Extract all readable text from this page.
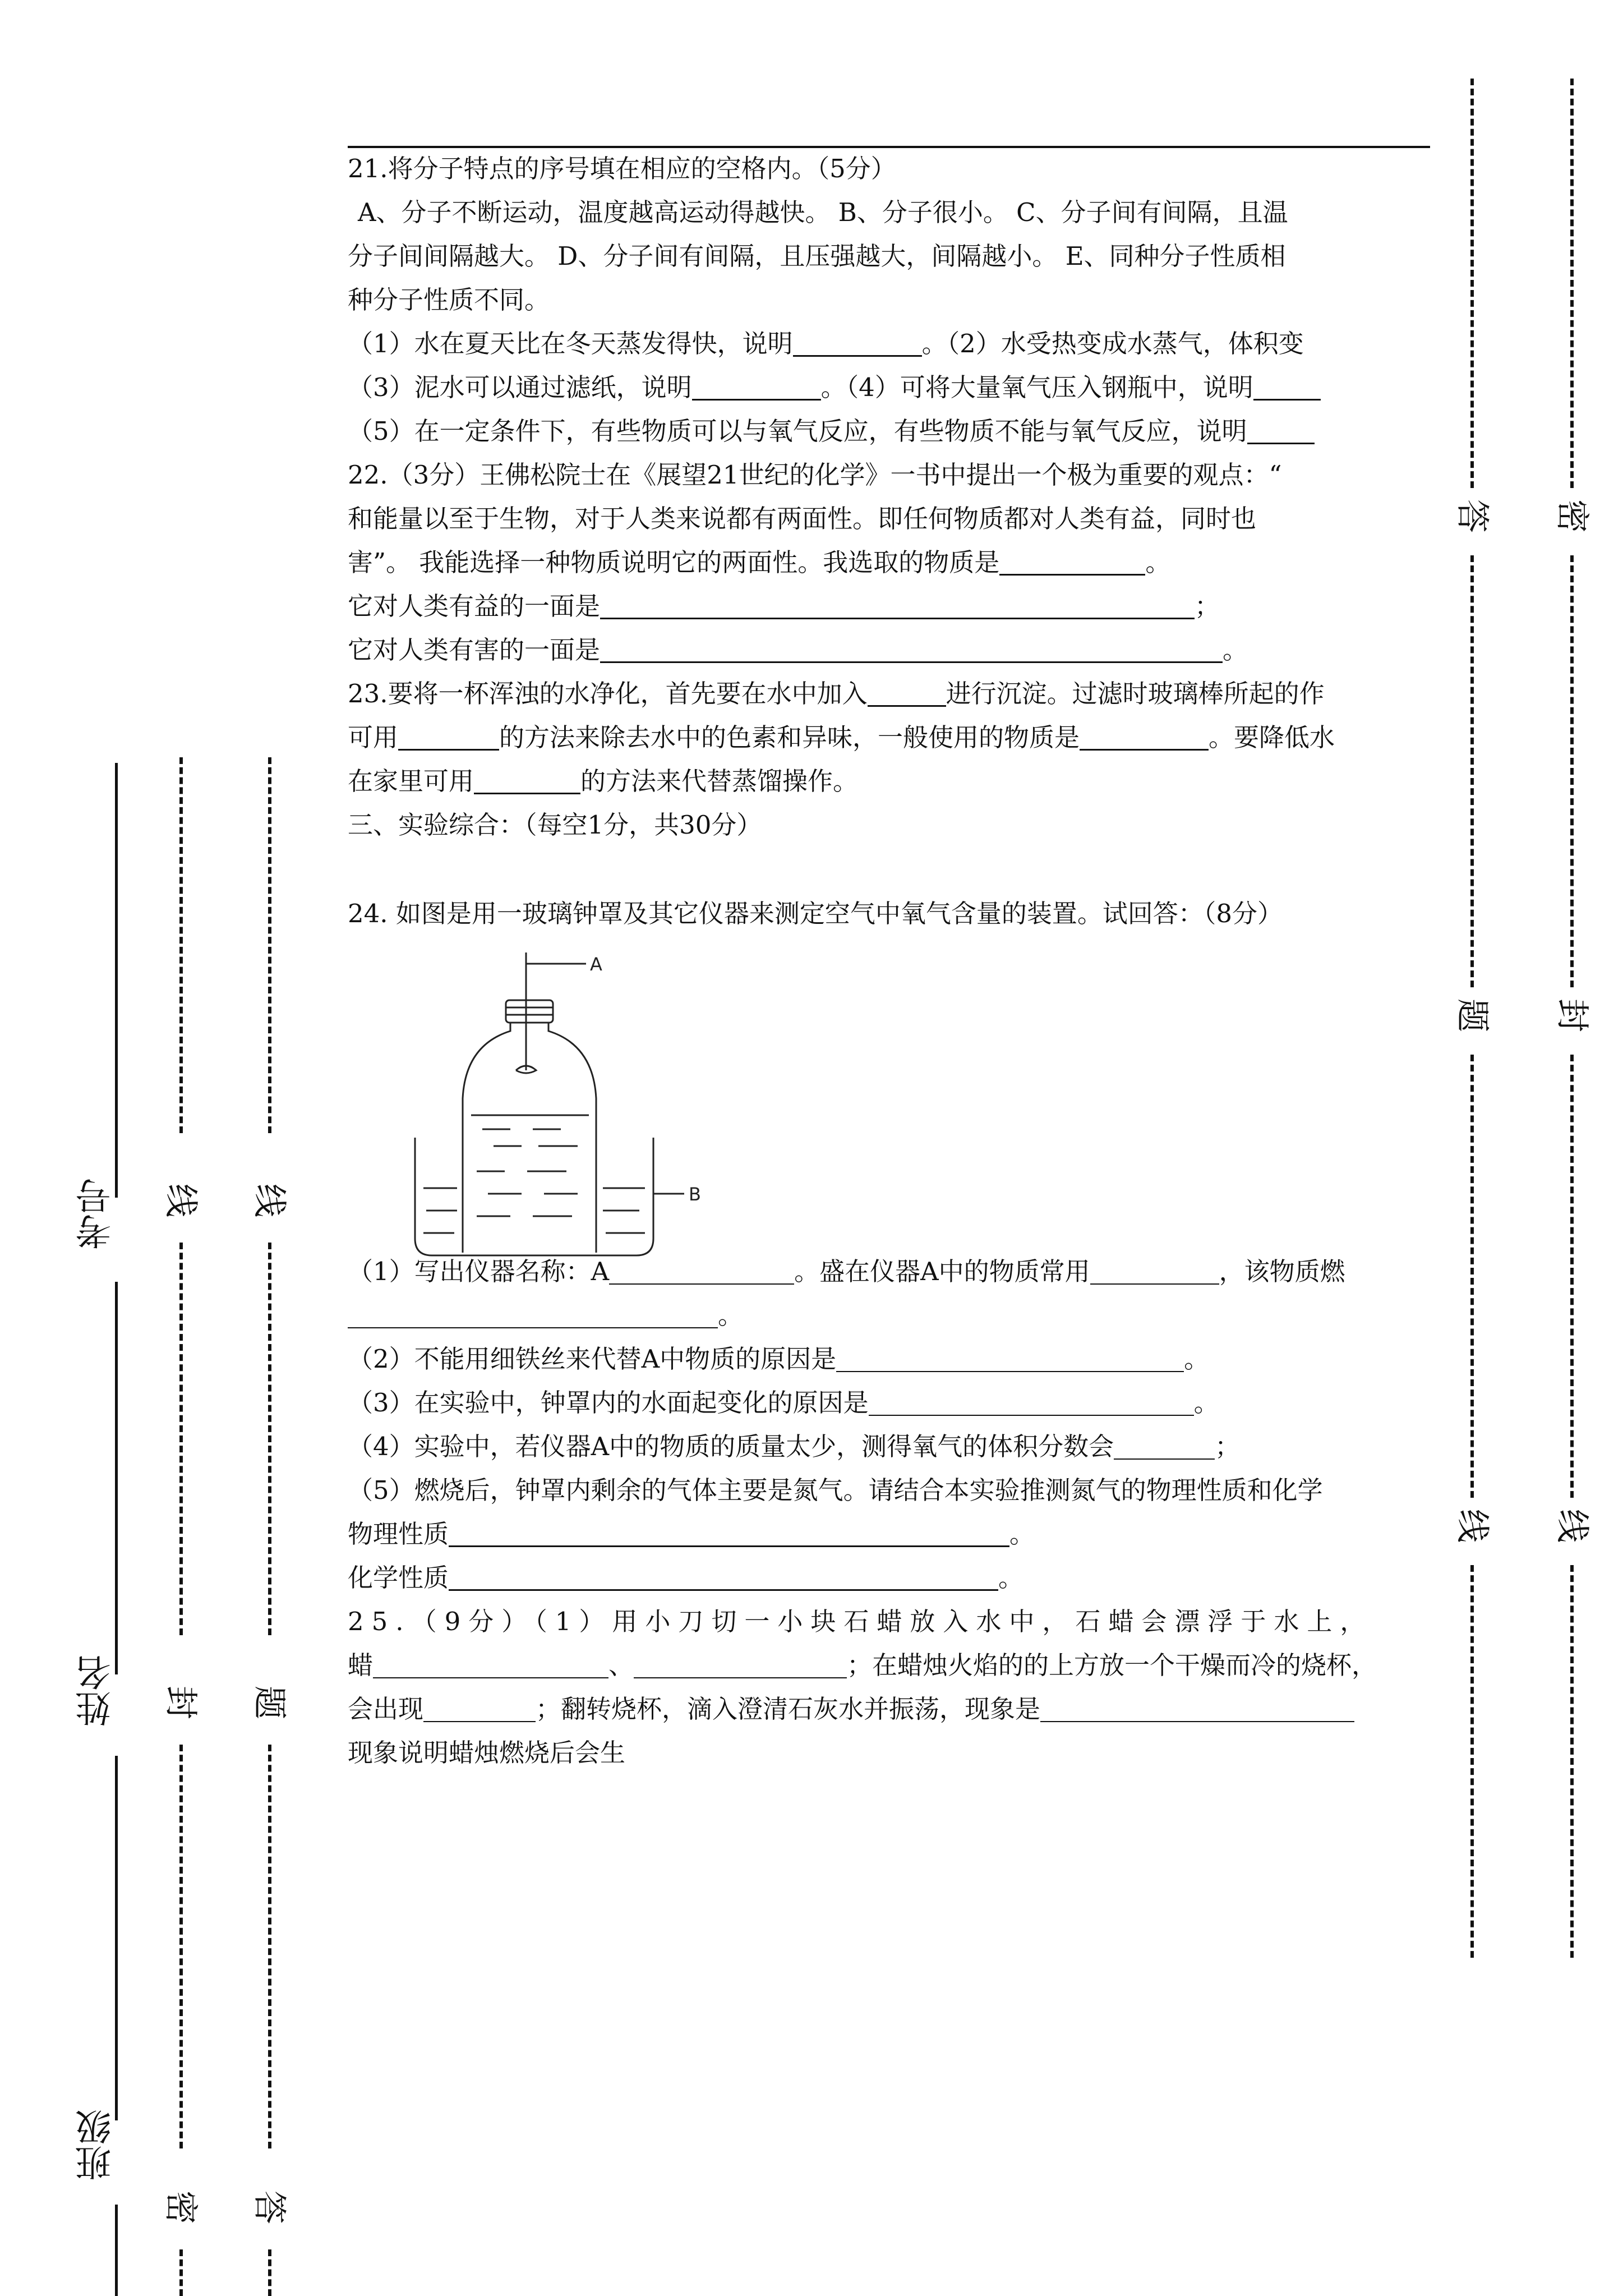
考号
姓名
班级
线
封
密
线
题
答
答
题
线
密
封
线
21.将分子特点的序号填在相应的空格内。（5分）
A、分子不断运动，温度越高运动得越快。 B、分子很小。 C、分子间有间隔，且温
分子间间隔越大。 D、分子间有间隔，且压强越大，间隔越小。 E、同种分子性质相
种分子性质不同。
（1）水在夏天比在冬天蒸发得快，说明	。（2）水受热变成水蒸气，体积变
（3）泥水可以通过滤纸，说明	。（4）可将大量氧气压入钢瓶中，说明
（5）在一定条件下，有些物质可以与氧气反应，有些物质不能与氧气反应，说明
22.（3分）王佛松院士在《展望21世纪的化学》一书中提出一个极为重要的观点：“
和能量以至于生物，对于人类来说都有两面性。即任何物质都对人类有益，同时也
害”。 我能选择一种物质说明它的两面性。我选取的物质是	。
它对人类有益的一面是	；
它对人类有害的一面是	。
23.要将一杯浑浊的水净化，首先要在水中加入	进行沉淀。过滤时玻璃棒所起的作
可用	的方法来除去水中的色素和异味，一般使用的物质是	。要降低水
在家里可用	的方法来代替蒸馏操作。
三、实验综合：（每空1分，共30分）
24. 如图是用一玻璃钟罩及其它仪器来测定空气中氧气含量的装置。试回答：（8分）
A
B
（1）写出仪器名称：A	。盛在仪器A中的物质常用	，该物质燃
。
（2）不能用细铁丝来代替A中物质的原因是	。
（3）在实验中，钟罩内的水面起变化的原因是	。
（4）实验中，若仪器A中的物质的质量太少，测得氧气的体积分数会	；
（5）燃烧后，钟罩内剩余的气体主要是氮气。请结合本实验推测氮气的物理性质和化学
物理性质	。
化学性质	。
25.（9分）（1）用小刀切一小块石蜡放入水中，石蜡会漂浮于水上，
蜡	、	；在蜡烛火焰的的上方放一个干燥而冷的烧杯，
会出现	；翻转烧杯，滴入澄清石灰水并振荡，现象是
现象说明蜡烛燃烧后会生
